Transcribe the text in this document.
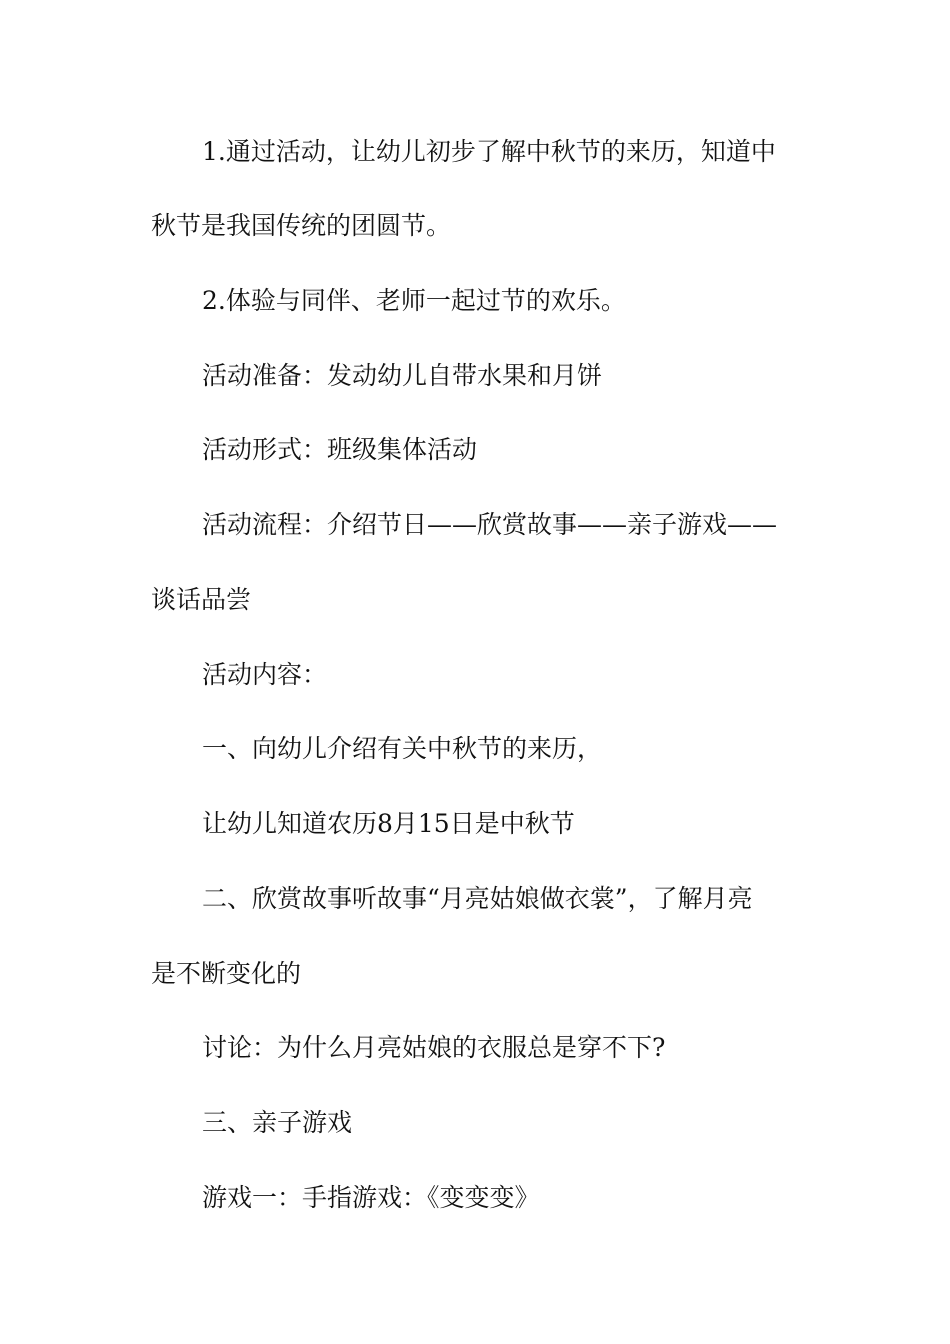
1.通过活动，让幼儿初步了解中秋节的来历，知道中
秋节是我国传统的团圆节。
2.体验与同伴、老师一起过节的欢乐。
活动准备：发动幼儿自带水果和月饼
活动形式：班级集体活动
活动流程：介绍节日——欣赏故事——亲子游戏——
谈话品尝
活动内容：
一、向幼儿介绍有关中秋节的来历，
让幼儿知道农历8月15日是中秋节
二、欣赏故事听故事“月亮姑娘做衣裳”，了解月亮
是不断变化的
讨论：为什么月亮姑娘的衣服总是穿不下?
三、亲子游戏
游戏一：手指游戏：《变变变》
